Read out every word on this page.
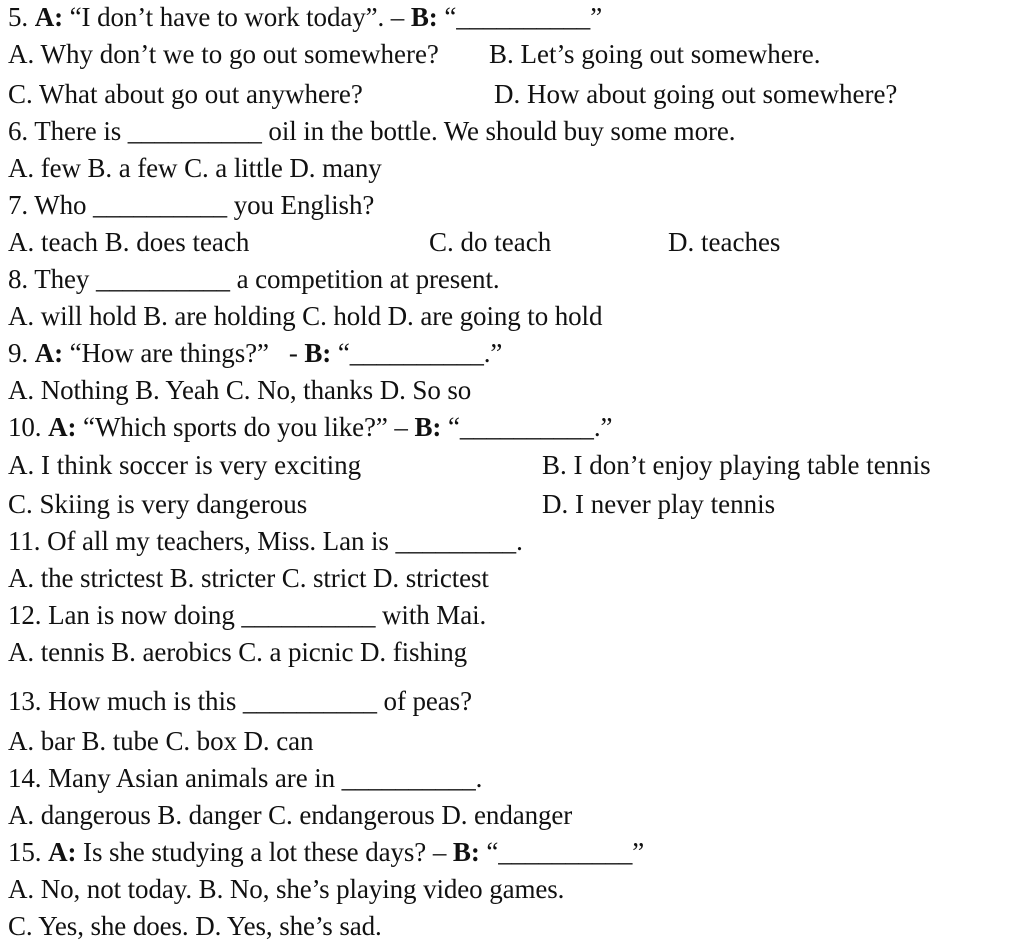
5. A: “I don’t have to work today”. – B: “__________”
A. Why don’t we to go out somewhere? B. Let’s going out somewhere.
C. What about go out anywhere?	D. How about going out somewhere?
6. There is __________ oil in the bottle. We should buy some more.
A. few B. a few C. a little D. many
7. Who __________ you English?
A. teach B. does teach	C. do teach	D. teaches
8. They __________ a competition at present.
A. will hold B. are holding C. hold D. are going to hold
9. A: “How are things?”   - B: “__________.”
A. Nothing B. Yeah C. No, thanks D. So so
10. A: “Which sports do you like?” – B: “__________.”
A. I think soccer is very exciting	B. I don’t enjoy playing table tennis
C. Skiing is very dangerous	D. I never play tennis
11. Of all my teachers, Miss. Lan is _________.
A. the strictest B. stricter C. strict D. strictest
12. Lan is now doing __________ with Mai.
A. tennis B. aerobics C. a picnic D. fishing
13. How much is this __________ of peas?
A. bar B. tube C. box D. can
14. Many Asian animals are in __________.
A. dangerous B. danger C. endangerous D. endanger
15. A: Is she studying a lot these days? – B: “__________”
A. No, not today. B. No, she’s playing video games.
C. Yes, she does. D. Yes, she’s sad.
